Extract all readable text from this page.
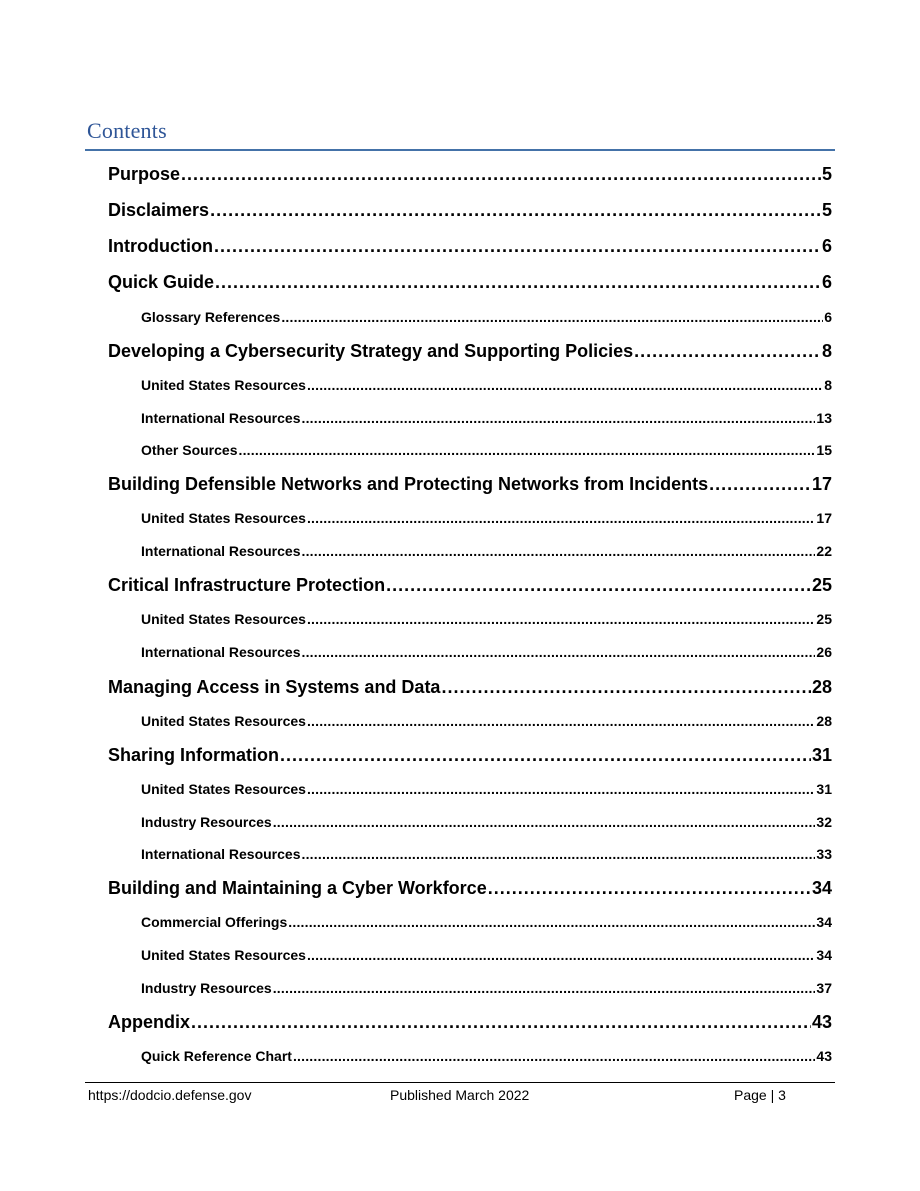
Contents
Purpose .....	5
Disclaimers .....	5
Introduction .....	6
Quick Guide .....	6
Glossary References .....	6
Developing a Cybersecurity Strategy and Supporting Policies .....	8
United States Resources .....	8
International Resources .....	13
Other Sources .....	15
Building Defensible Networks and Protecting Networks from Incidents .....	17
United States Resources .....	17
International Resources .....	22
Critical Infrastructure Protection .....	25
United States Resources .....	25
International Resources .....	26
Managing Access in Systems and Data .....	28
United States Resources .....	28
Sharing Information .....	31
United States Resources .....	31
Industry Resources .....	32
International Resources .....	33
Building and Maintaining a Cyber Workforce .....	34
Commercial Offerings .....	34
United States Resources .....	34
Industry Resources .....	37
Appendix .....	43
Quick Reference Chart .....	43
https://dodcio.defense.gov	Published March 2022	Page | 3
